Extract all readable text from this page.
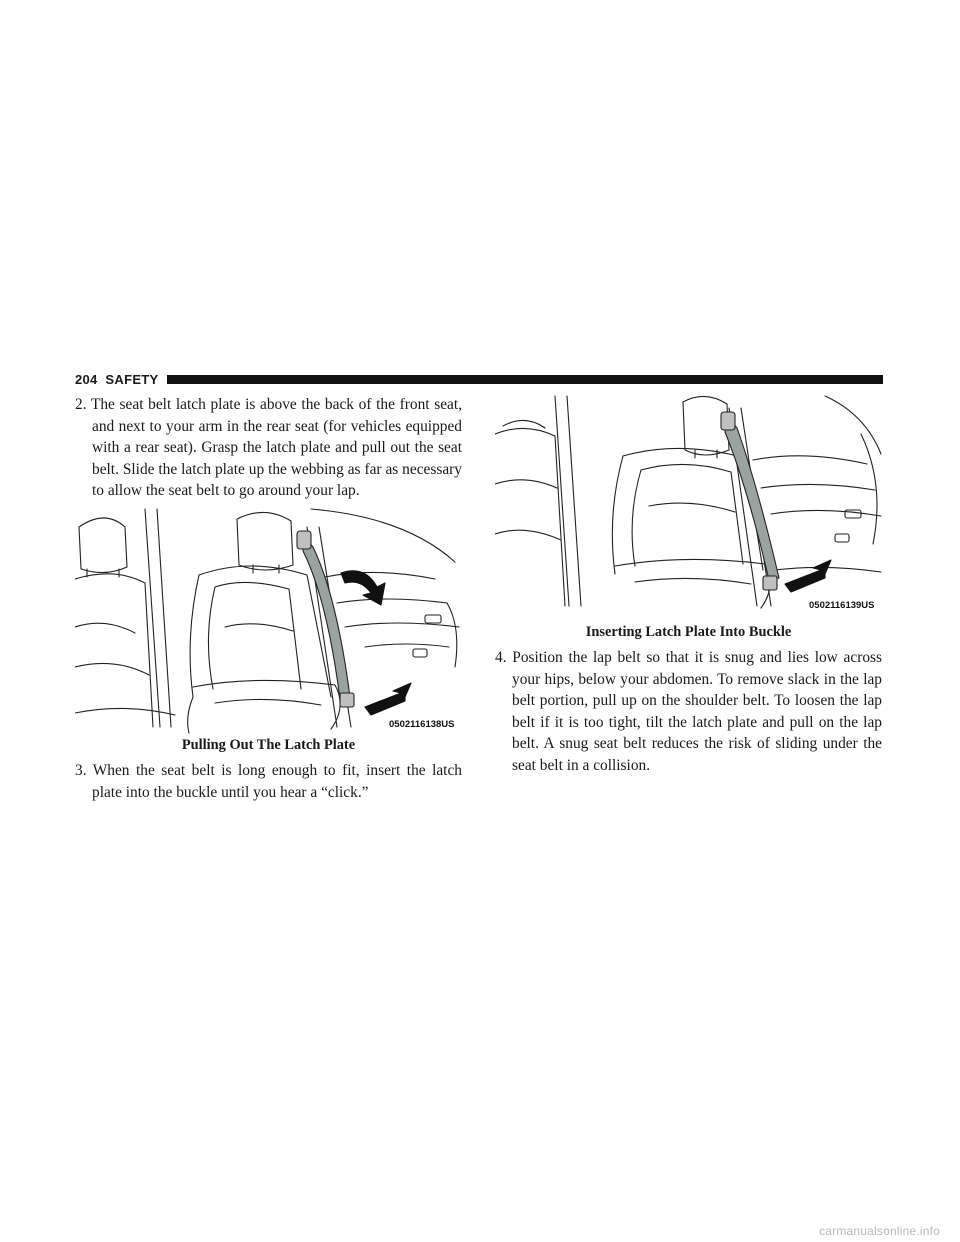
204 SAFETY
2. The seat belt latch plate is above the back of the front seat, and next to your arm in the rear seat (for vehicles equipped with a rear seat). Grasp the latch plate and pull out the seat belt. Slide the latch plate up the webbing as far as necessary to allow the seat belt to go around your lap.
0502116138US
Pulling Out The Latch Plate
3. When the seat belt is long enough to fit, insert the latch plate into the buckle until you hear a “click.”
0502116139US
Inserting Latch Plate Into Buckle
4. Position the lap belt so that it is snug and lies low across your hips, below your abdomen. To remove slack in the lap belt portion, pull up on the shoulder belt. To loosen the lap belt if it is too tight, tilt the latch plate and pull on the lap belt. A snug seat belt reduces the risk of sliding under the seat belt in a collision.
carmanualsonline.info
